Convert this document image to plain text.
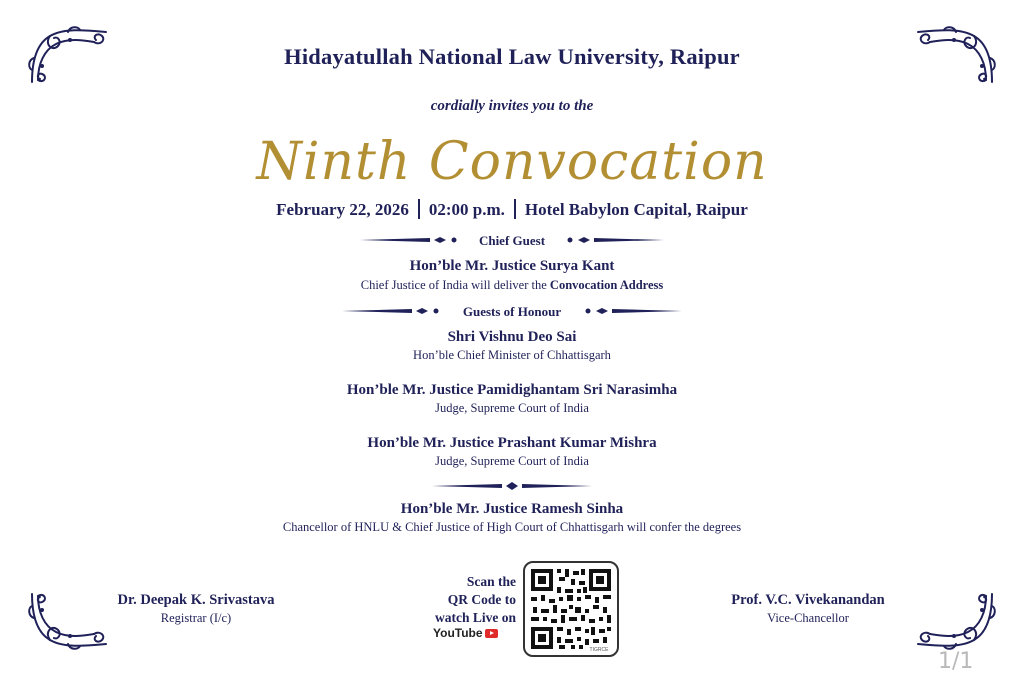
Hidayatullah National Law University, Raipur
cordially invites you to the
Ninth Convocation
February 22, 2026 02:00 p.m. Hotel Babylon Capital, Raipur
Chief Guest
Hon’ble Mr. Justice Surya Kant
Chief Justice of India will deliver the Convocation Address
Guests of Honour
Shri Vishnu Deo Sai
Hon’ble Chief Minister of Chhattisgarh
Hon’ble Mr. Justice Pamidighantam Sri Narasimha
Judge, Supreme Court of India
Hon’ble Mr. Justice Prashant Kumar Mishra
Judge, Supreme Court of India
Hon’ble Mr. Justice Ramesh Sinha
Chancellor of HNLU & Chief Justice of High Court of Chhattisgarh will confer the degrees
Dr. Deepak K. Srivastava
Registrar (I/c)
Prof. V.C. Vivekanandan
Vice-Chancellor
Scan the
QR Code to
watch Live on
YouTube
TIGRCE	1/1
